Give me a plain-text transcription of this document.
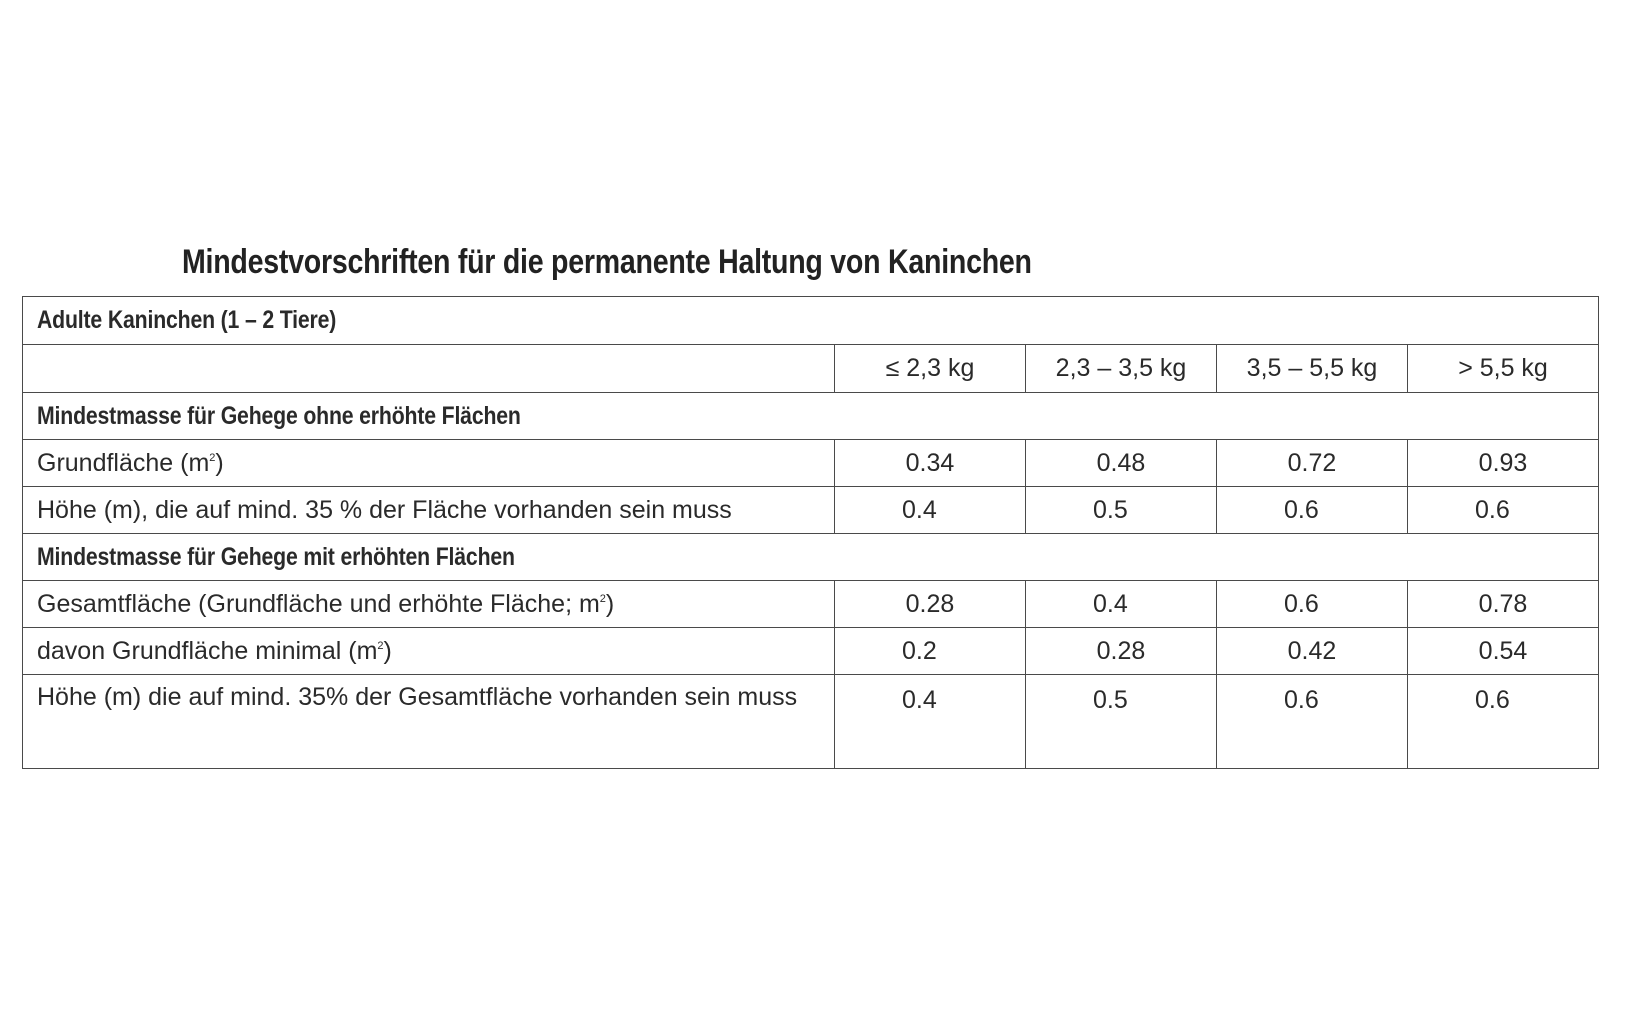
Mindestvorschriften für die permanente Haltung von Kaninchen
Adulte Kaninchen (1 – 2 Tiere)				
	≤ 2,3 kg	2,3 – 3,5 kg	3,5 – 5,5 kg	> 5,5 kg
Mindestmasse für Gehege ohne erhöhte Flächen				
Grundfläche $(m^2)$	0.34	0.48	0.72	0.93
Höhe (m), die auf mind. 35 % der Fläche vorhanden sein muss	0.4	0.5	0.6	0.6
Mindestmasse für Gehege mit erhöhten Flächen				
Gesamtfläche (Grundfläche und erhöhte Fläche; $m^2$)	0.28	0.4	0.6	0.78
davon Grundfläche minimal $(m^2)$	0.2	0.28	0.42	0.54
Höhe (m) die auf mind. 35% der Gesamtfläche vorhanden sein muss	0.4	0.5	0.6	0.6
